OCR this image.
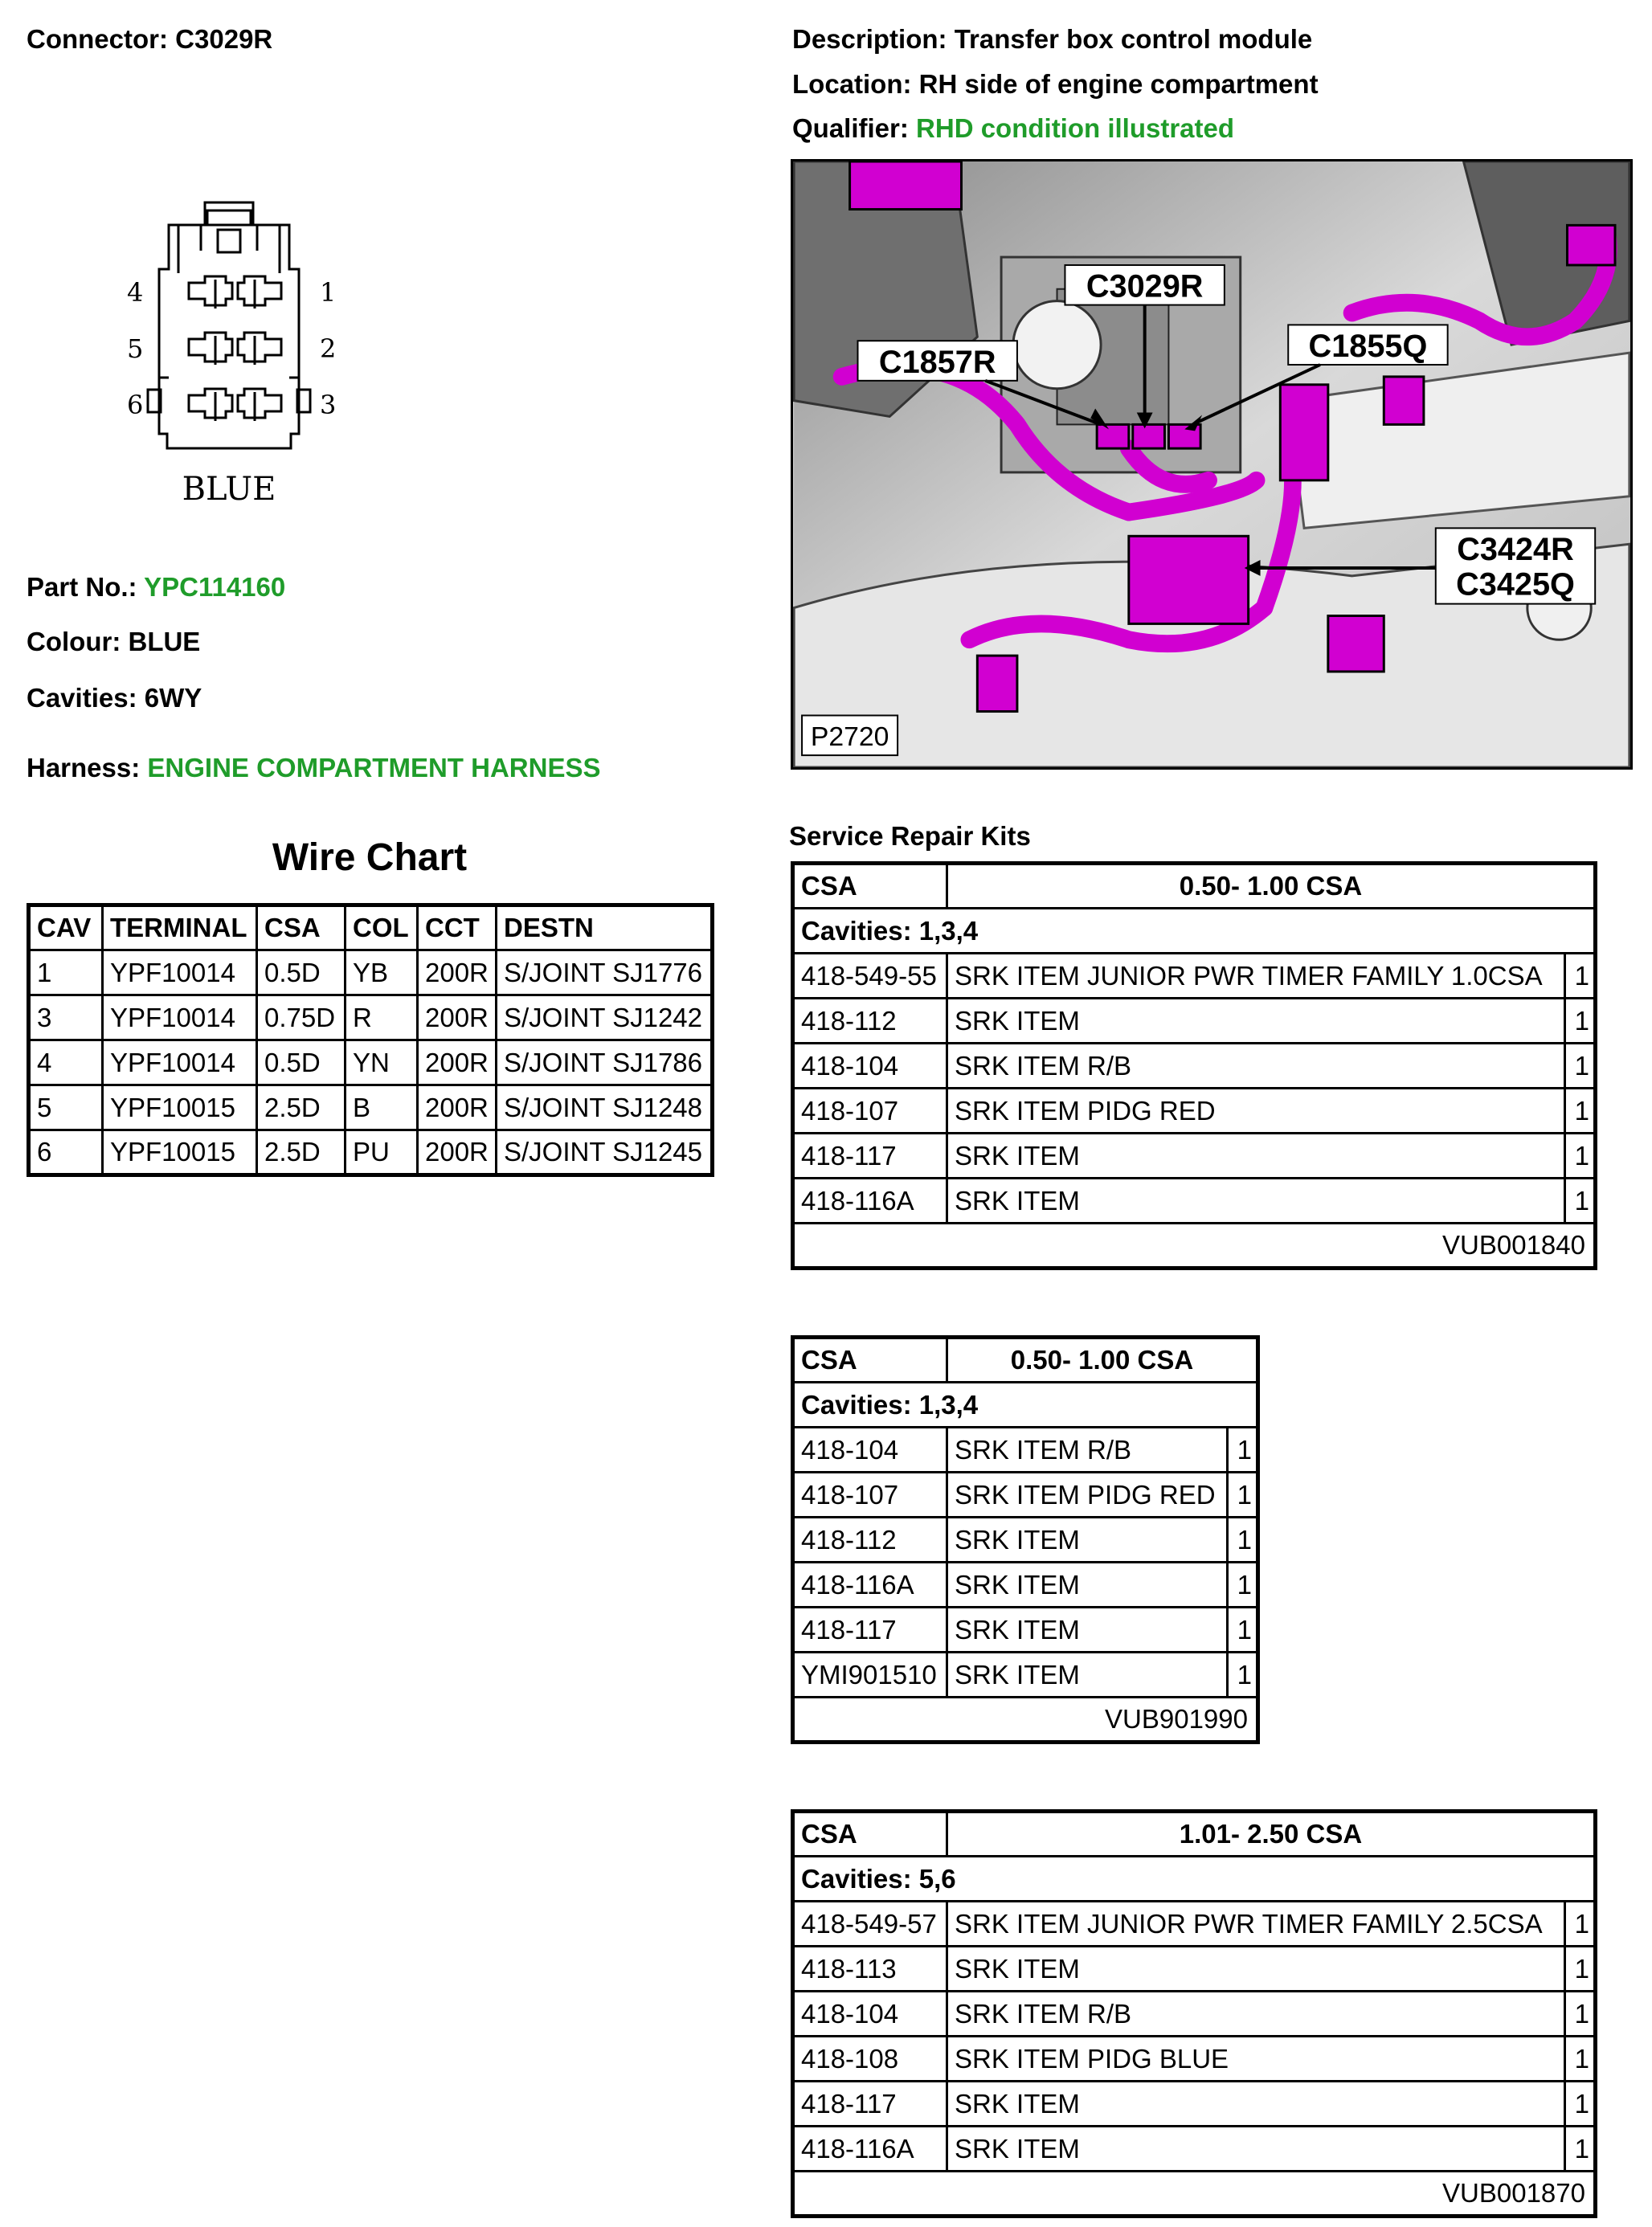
Connector: C3029R	Description: Transfer box control module
Location: RH side of engine compartment
Qualifier: RHD condition illustrated
4
5
6
1
2
3
BLUE
Part No.: YPC114160
Colour: BLUE
Cavities: 6WY
Harness: ENGINE COMPARTMENT HARNESS
C3029R
C1857R	C1855Q
C3424R
C3425Q
P2720
Wire Chart
CAV	TERMINAL	CSA	COL	CCT	DESTN
1	YPF10014	0.5D	YB	200R	S/JOINT SJ1776
3	YPF10014	0.75D	R	200R	S/JOINT SJ1242
4	YPF10014	0.5D	YN	200R	S/JOINT SJ1786
5	YPF10015	2.5D	B	200R	S/JOINT SJ1248
6	YPF10015	2.5D	PU	200R	S/JOINT SJ1245
Service Repair Kits
CSA	0.50- 1.00 CSA	
Cavities: 1,3,4		
418-549-55	SRK ITEM JUNIOR PWR TIMER FAMILY 1.0CSA	1
418-112	SRK ITEM	1
418-104	SRK ITEM R/B	1
418-107	SRK ITEM PIDG RED	1
418-117	SRK ITEM	1
418-116A	SRK ITEM	1
VUB001840		
CSA	0.50- 1.00 CSA	
Cavities: 1,3,4		
418-104	SRK ITEM R/B	1
418-107	SRK ITEM PIDG RED	1
418-112	SRK ITEM	1
418-116A	SRK ITEM	1
418-117	SRK ITEM	1
YMI901510	SRK ITEM	1
VUB901990		
CSA	1.01- 2.50 CSA	
Cavities: 5,6		
418-549-57	SRK ITEM JUNIOR PWR TIMER FAMILY 2.5CSA	1
418-113	SRK ITEM	1
418-104	SRK ITEM R/B	1
418-108	SRK ITEM PIDG BLUE	1
418-117	SRK ITEM	1
418-116A	SRK ITEM	1
VUB001870		
